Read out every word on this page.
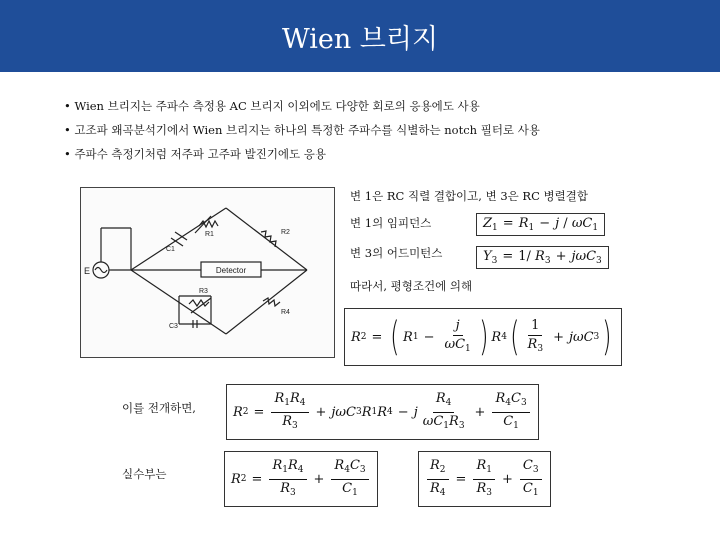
Wien 브리지
• Wien 브리지는 주파수 측정용 AC 브리지 이외에도 다양한 회로의 응용에도 사용
• 고조파 왜곡분석기에서 Wien 브리지는 하나의 특정한 주파수를 식별하는 notch 필터로 사용
• 주파수 측정기처럼 저주파 고주파 발진기에도 응용
Detector
C1
R1	R2
R3
R4
C3
E
변 1은 RC 직렬 결합이고, 변 3은 RC 병렬결합
변 1의 임피던스
변 3의 어드미턴스
따라서, 평형조건에 의해
$Z_1 = R_1 - j / \omega C_1$
$Y_3 = 1/$ $R_3 + j\omega C_3$
R 2 = ( R $1 - \frac{j}{\omega C_1}$ ) R 4 ( $\frac{1}{R_3} + j\omega C$ 3 )
이를 전개하면,	R $2 = \frac{R_1R_4}{R_3} + j\omega C$ 3 R 1 R 4 − j $\frac{R_4}{\omega C_1R_3} + \frac{R_4C_3}{C_1}$
실수부는	R $2 = \frac{R_1R_4}{R_3} + \frac{R_4C_3}{C_1}$	$\frac{R_2}{R_4} = \frac{R_1}{R_3} + \frac{C_3}{C_1}$
